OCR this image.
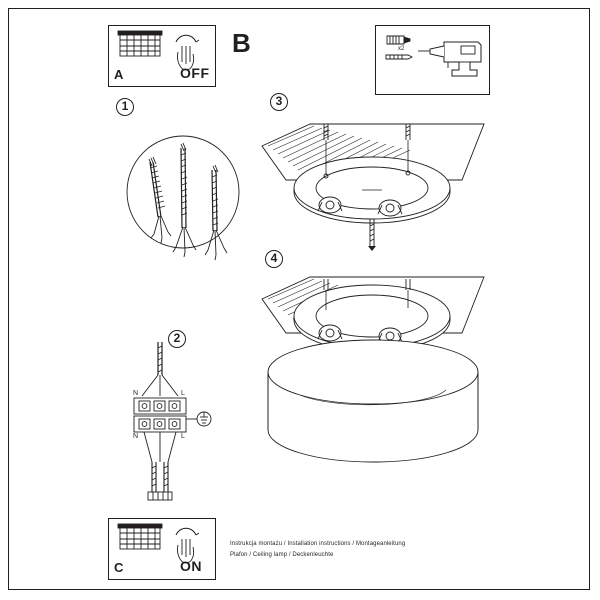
A	OFF
B	x2
1
2
N	L
N	L
3
4
C	ON
Instrukcja montażu / Installation instructions / Montageanleitung
Plafon / Ceiling lamp / Deckenleuchte
